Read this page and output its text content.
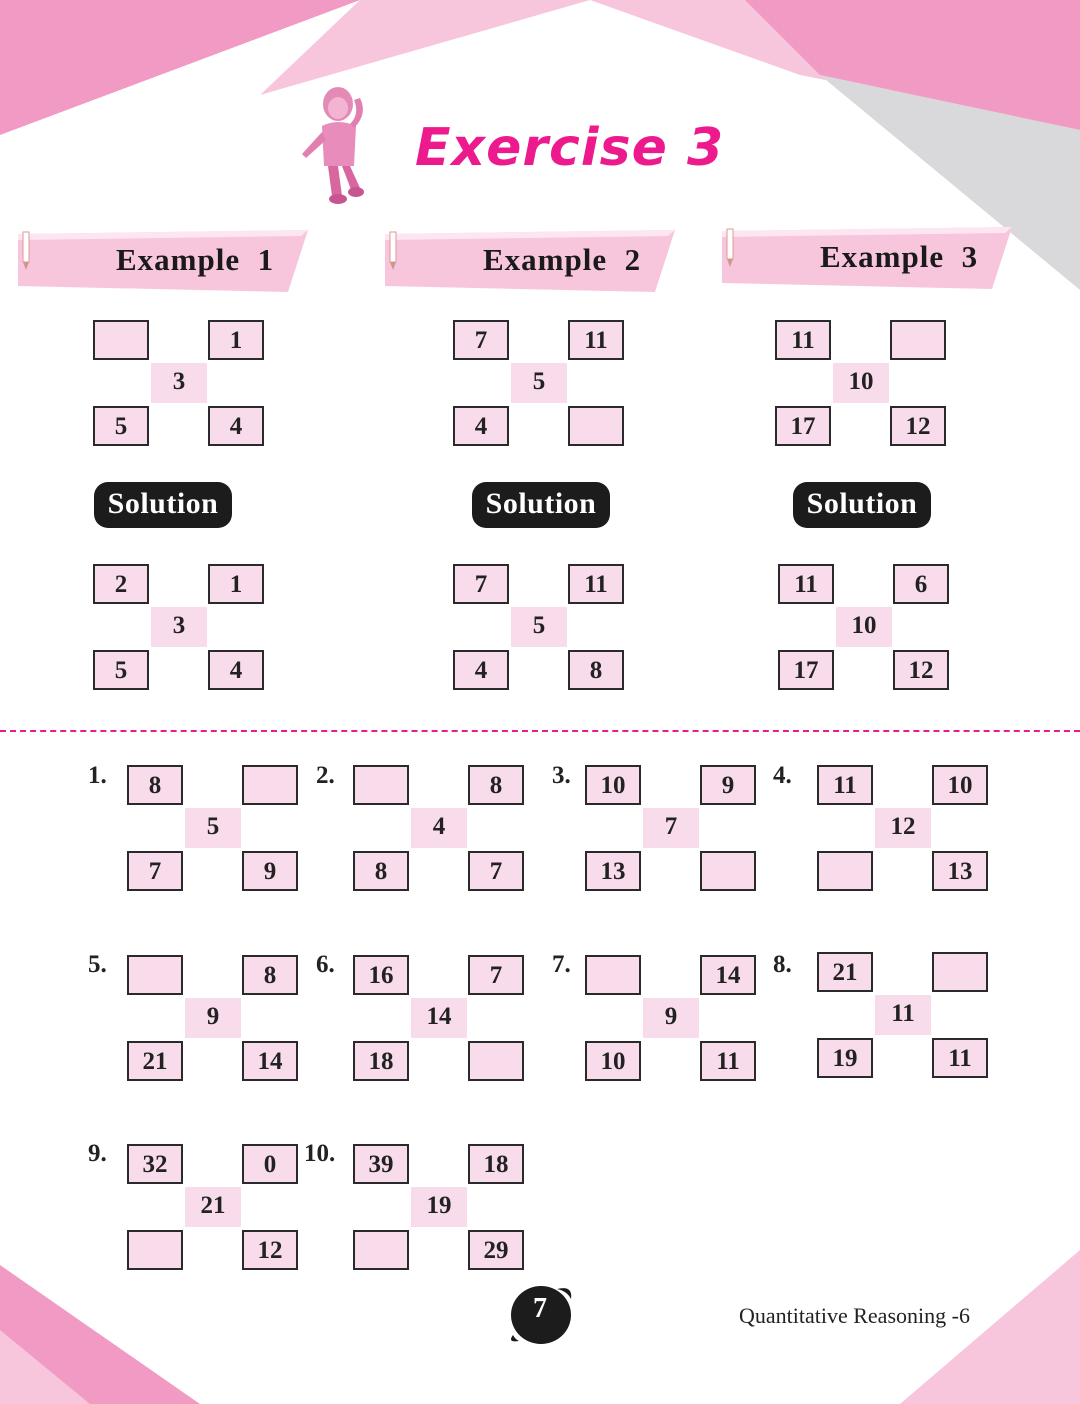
Exercise 3
Example 1	Example 2	Example 3
1
3
5	4
7	11
5
4
11
10
17	12
Solution	Solution	Solution
2	1
3
5	4
7	11
5
4	8
11	6
10
17	12
1.	8
5
7	9
2.	8
4
8	7
3.	10	9
7
13
4.	11	10
12
13
5.	8
9
21	14
6.	16	7
14
18
7.	14
9
10	11
8.	21
11
19	11
9.	32	0
21
12
10.	39	18
19
29
7	Quantitative Reasoning -6
